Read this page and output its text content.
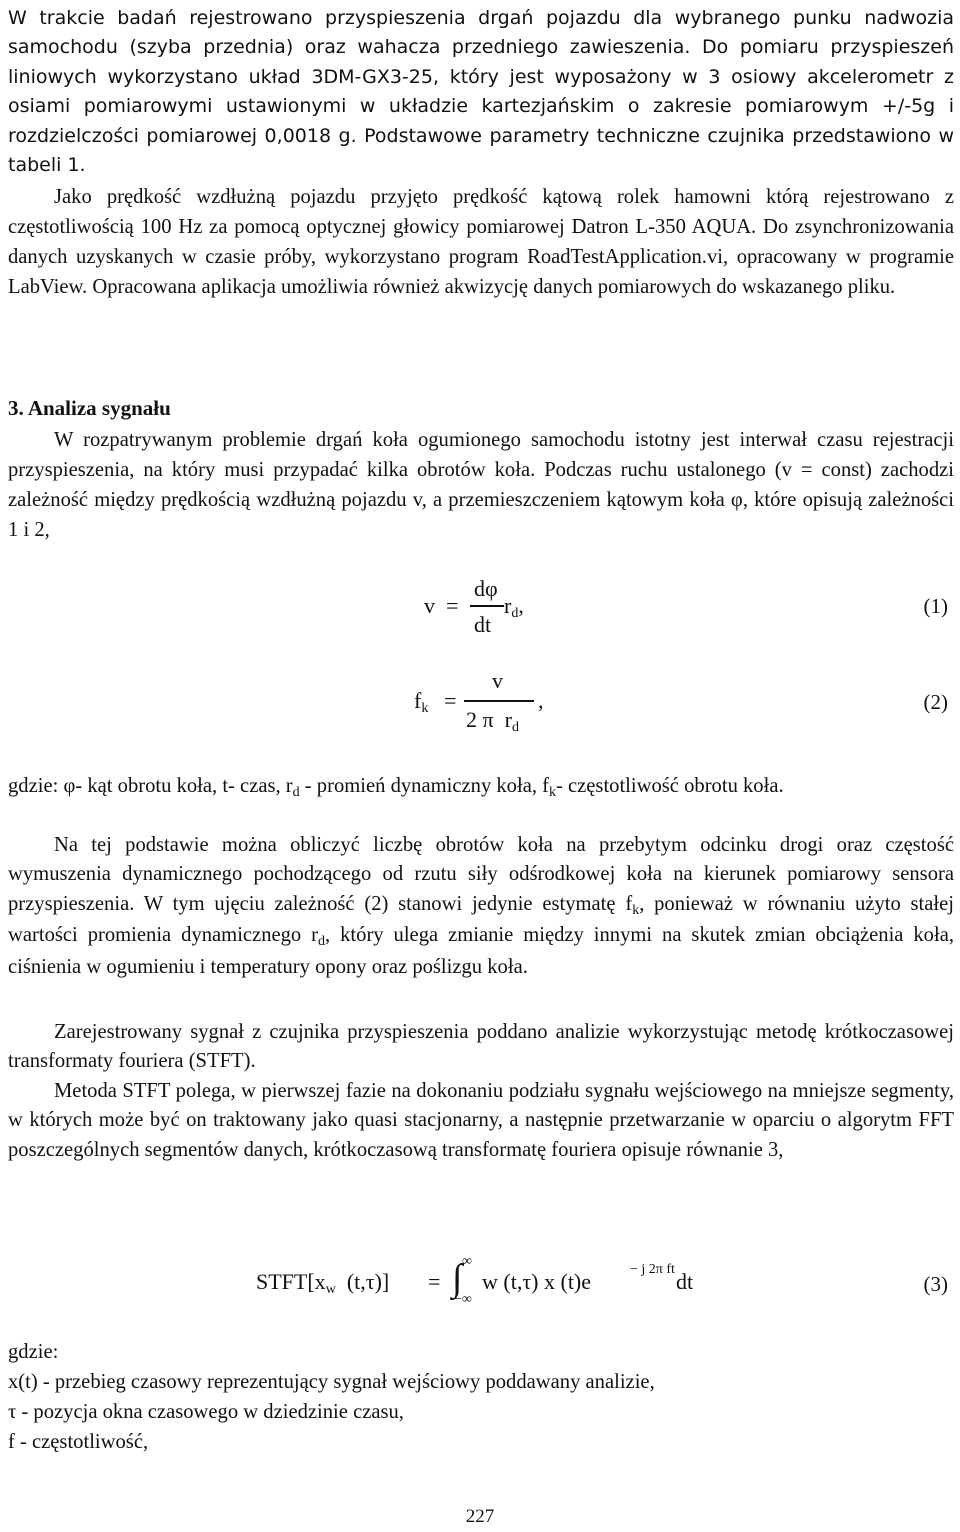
W trakcie badań rejestrowano przyspieszenia drgań pojazdu dla wybranego punku nadwozia samochodu (szyba przednia) oraz wahacza przedniego zawieszenia. Do pomiaru przyspieszeń liniowych wykorzystano układ 3DM-GX3-25, który jest wyposażony w 3 osiowy akcelerometr z osiami pomiarowymi ustawionymi w układzie kartezjańskim o zakresie pomiarowym +/-5g i rozdzielczości pomiarowej 0,0018 g. Podstawowe parametry techniczne czujnika przedstawiono w tabeli 1.

Jako prędkość wzdłużną pojazdu przyjęto prędkość kątową rolek hamowni którą rejestrowano z częstotliwością 100 Hz za pomocą optycznej głowicy pomiarowej Datron L-350 AQUA. Do zsynchronizowania danych uzyskanych w czasie próby, wykorzystano program RoadTestApplication.vi, opracowany w programie LabView. Opracowana aplikacja umożliwia również akwizycję danych pomiarowych do wskazanego pliku.

3. Analiza sygnału

W rozpatrywanym problemie drgań koła ogumionego samochodu istotny jest interwał czasu rejestracji przyspieszenia, na który musi przypadać kilka obrotów koła. Podczas ruchu ustalonego (v = const) zachodzi zależność między prędkością wzdłużną pojazdu v, a przemieszczeniem kątowym koła φ, które opisują zależności 1 i 2,

v =
dφ
dt
rd,	(1)
fk =
v
2 π rd
,	(2)

gdzie: φ- kąt obrotu koła, t- czas, rd - promień dynamiczny koła, fk- częstotliwość obrotu koła.

Na tej podstawie można obliczyć liczbę obrotów koła na przebytym odcinku drogi oraz częstość wymuszenia dynamicznego pochodzącego od rzutu siły odśrodkowej koła na kierunek pomiarowy sensora przyspieszenia. W tym ujęciu zależność (2) stanowi jedynie estymatę fk, ponieważ w równaniu użyto stałej wartości promienia dynamicznego rd, który ulega zmianie między innymi na skutek zmian obciążenia koła, ciśnienia w ogumieniu i temperatury opony oraz poślizgu koła.

Zarejestrowany sygnał z czujnika przyspieszenia poddano analizie wykorzystując metodę krótkoczasowej transformaty fouriera (STFT).

Metoda STFT polega, w pierwszej fazie na dokonaniu podziału sygnału wejściowego na mniejsze segmenty, w których może być on traktowany jako quasi stacjonarny, a następnie przetwarzanie w oparciu o algorytm FFT poszczególnych segmentów danych, krótkoczasową transformatę fouriera opisuje równanie 3,

STFT[xw (t,τ)] = ∫ ∞
−∞
w (t,τ) x (t)e	− j 2π ft dt	(3)

gdzie:

x(t) - przebieg czasowy reprezentujący sygnał wejściowy poddawany analizie,

τ - pozycja okna czasowego w dziedzinie czasu,

f - częstotliwość,

227
